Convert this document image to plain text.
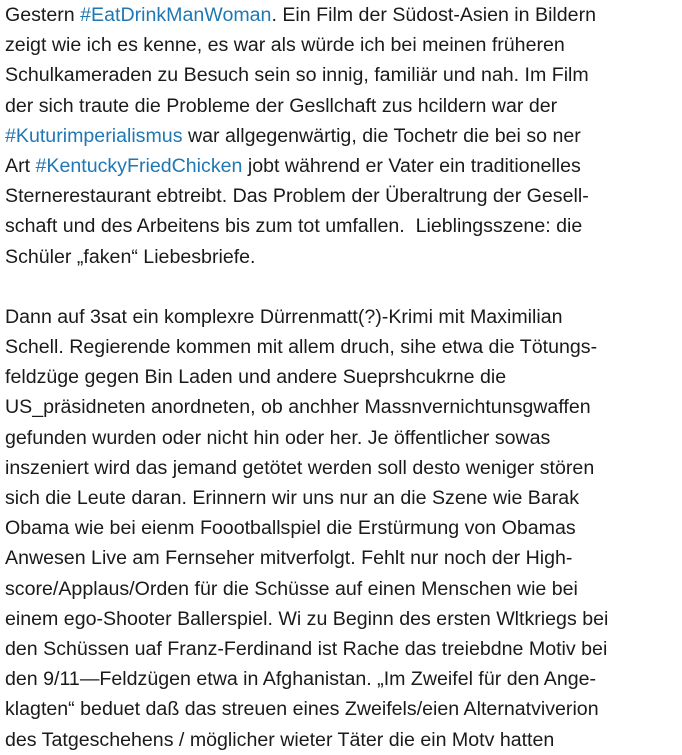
Gestern #EatDrinkManWoman. Ein Film der Südost-Asien in Bildern
zeigt wie ich es kenne, es war als würde ich bei meinen früheren
Schulkameraden zu Besuch sein so innig, familiär und nah. Im Film
der sich traute die Probleme der Gesllchaft zus hcildern war der
#Kuturimperialismus war allgegenwärtig, die Tochetr die bei so ner
Art #KentuckyFriedChicken jobt während er Vater ein traditionelles
Sternerestaurant ebtreibt. Das Problem der Überaltrung der Gesell-
schaft und des Arbeitens bis zum tot umfallen.  Lieblingsszene: die
Schüler „faken“ Liebesbriefe.
Dann auf 3sat ein komplexre Dürrenmatt(?)-Krimi mit Maximilian
Schell. Regierende kommen mit allem druch, sihe etwa die Tötungs-
feldzüge gegen Bin Laden und andere Sueprshcukrne die
US_präsidneten anordneten, ob anchher Massnvernichtunsgwaffen
gefunden wurden oder nicht hin oder her. Je öffentlicher sowas
inszeniert wird das jemand getötet werden soll desto weniger stören
sich die Leute daran. Erinnern wir uns nur an die Szene wie Barak
Obama wie bei eienm Foootballspiel die Erstürmung von Obamas
Anwesen Live am Fernseher mitverfolgt. Fehlt nur noch der High-
score/Applaus/Orden für die Schüsse auf einen Menschen wie bei
einem ego-Shooter Ballerspiel. Wi zu Beginn des ersten Wltkriegs bei
den Schüssen uaf Franz-Ferdinand ist Rache das treiebdne Motiv bei
den 9/11—Feldzügen etwa in Afghanistan. „Im Zweifel für den Ange-
klagten“ beduet daß das streuen eines Zweifels/eien Alternatviverion
des Tatgeschehens / möglicher wieter Täter die ein Motv hatten
